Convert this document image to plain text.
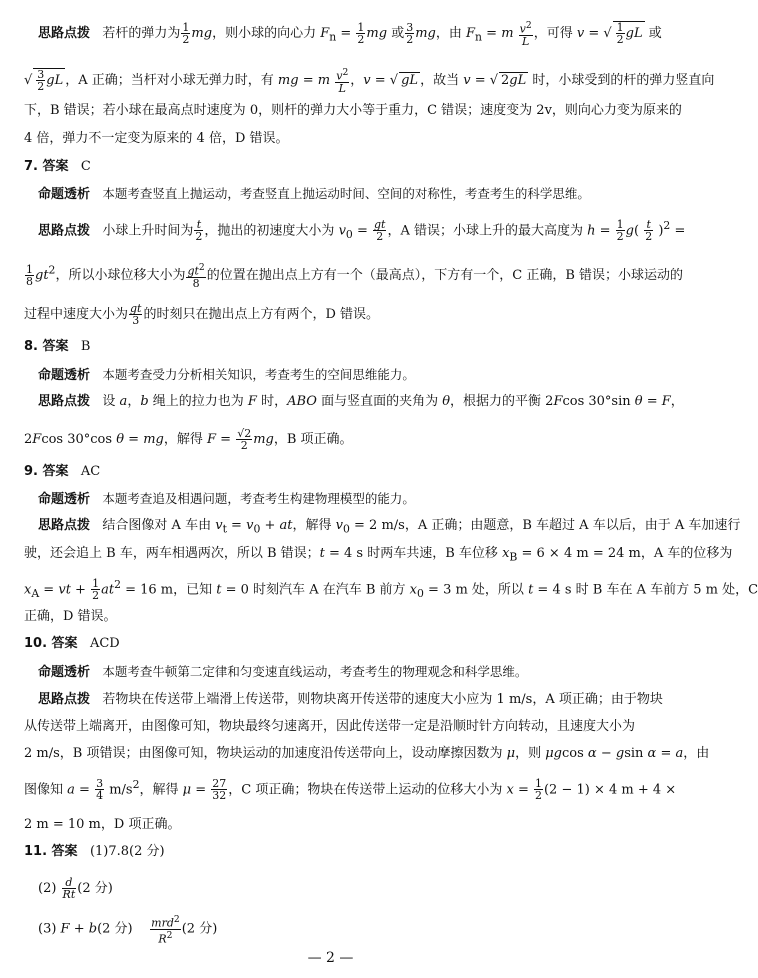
思路点拨   若杆的弹力为 $\frac{1}{2}$ mg，则小球的向心力 $F_n = \frac{1}{2}$ mg 或 $\frac{3}{2}$ mg，由 $F_n = m \frac{v^2}{L}$ ，可得 v = √ $\frac{1}{2}$ gL 或
√ $\frac{3}{2}$ gL ，A 正确；当杆对小球无弹力时，有 mg = m $\frac{v^2}{L}$ ，v = √ gL ，故当 v = √ 2gL 时，小球受到的杆的弹力竖直向
下，B 错误；若小球在最高点时速度为 0，则杆的弹力大小等于重力，C 错误；速度变为 2v，则向心力变为原来的
4 倍，弹力不一定变为原来的 4 倍，D 错误。
7. 答案   C
命题透析 本题考查竖直上抛运动，考查竖直上抛运动时间、空间的对称性，考查考生的科学思维。
思路点拨   小球上升时间为 $\frac{t}{2}$ ，抛出的初速度大小为 $v_0 = \frac{gt}{2}$ ，A 错误；小球上升的最大高度为 $h = \frac{1}{2} g( \frac{t}{2} )^2$ =
$\frac{1}{8} gt^2$，所以小球位移大小为 $\frac{gt^2}{8}$ 的位置在抛出点上方有一个（最高点），下方有一个，C 正确，B 错误；小球运动的
过程中速度大小为 $\frac{gt}{3}$ 的时刻只在抛出点上方有两个，D 错误。
8. 答案   B
命题透析 本题考查受力分析相关知识，考查考生的空间思维能力。
思路点拨   设 a，b 绳上的拉力也为 F 时，ABO 面与竖直面的夹角为 θ，根据力的平衡 2Fcos 30°sin θ = F，
2Fcos 30°cos θ = mg，解得 $F = \frac{√2}{2}$ mg，B 项正确。
9. 答案   AC
命题透析 本题考查追及相遇问题，考查考生构建物理模型的能力。
思路点拨   结合图像对 A 车由 $v_t = v_0$ + at，解得 $v_0 = 2$ m/s，A 正确；由题意，B 车超过 A 车以后，由于 A 车加速行
驶，还会追上 B 车，两车相遇两次，所以 B 错误；t = 4 s 时两车共速，B 车位移 $x_B = 6 \times 4$ m = 24 m，A 车的位移为
$x_A$ = vt + $\frac{1}{2} at^2 = 16$ m，已知 t = 0 时刻汽车 A 在汽车 B 前方 $x_0 = 3$ m 处，所以 t = 4 s 时 B 车在 A 车前方 5 m 处，C
正确，D 错误。
10. 答案   ACD
命题透析 本题考查牛顿第二定律和匀变速直线运动，考查考生的物理观念和科学思维。
思路点拨   若物块在传送带上端滑上传送带，则物块离开传送带的速度大小应为 1 m/s，A 项正确；由于物块
从传送带上端离开，由图像可知，物块最终匀速离开，因此传送带一定是沿顺时针方向转动，且速度大小为
2 m/s，B 项错误；由图像可知，物块运动的加速度沿传送带向上，设动摩擦因数为 μ，则 μgcos α − gsin α = a，由
图像知 $a = \frac{3}{4} m/s^2$，解得 $\mu = \frac{27}{32}$ ，C 项正确；物块在传送带上运动的位移大小为 $x = \frac{1}{2} (2 - 1) \times 4$ m + 4 ×
2 m = 10 m，D 项正确。
11. 答案   (1)7.8(2 分)
$(2) \frac{d}{Rt} (2$ 分)
(3) F + b(2 分) $\frac{mrd^2}{R^2} (2$ 分)
— 2 —
